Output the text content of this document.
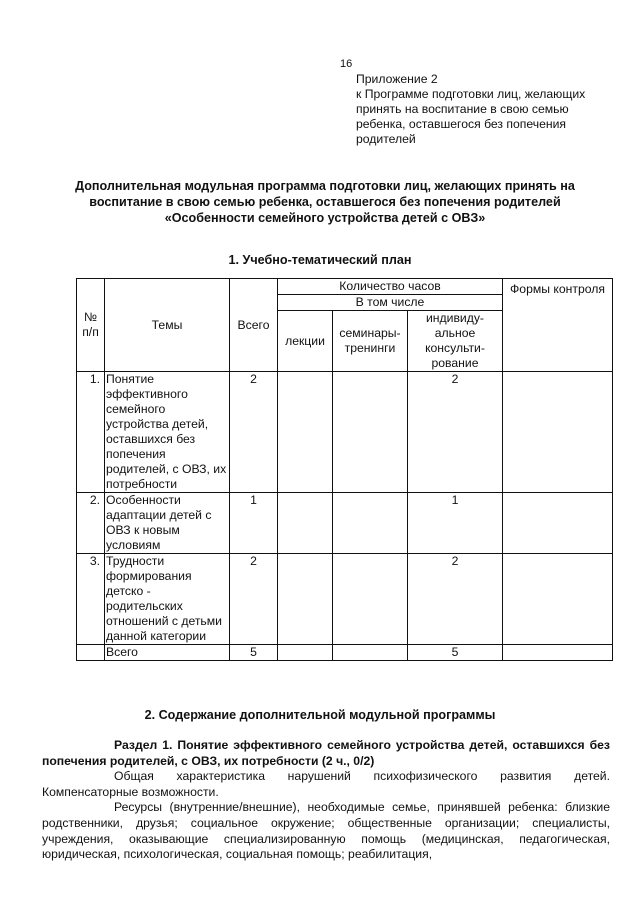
16
Приложение 2
к Программе подготовки лиц, желающих
принять на воспитание в свою семью
ребенка, оставшегося без попечения
родителей
Дополнительная модульная программа подготовки лиц, желающих принять на
воспитание в свою семью ребенка, оставшегося без попечения родителей
«Особенности семейного устройства детей с ОВЗ»
1. Учебно-тематический план
№ п/п	Темы	Всего	Количество часов			Формы контроля
			В том числе			
			лекции	семинары-тренинги	индивиду-альное консульти-рование	
1.	Понятие эффективного семейного устройства детей, оставшихся без попечения родителей, с ОВЗ, их потребности	2			2	
2.	Особенности адаптации детей с ОВЗ к новым условиям	1			1	
3.	Трудности формирования детско - родительских отношений с детьми данной категории	2			2	
	Всего	5			5	
2. Содержание дополнительной модульной программы

Раздел 1. Понятие эффективного семейного устройства детей, оставшихся без попечения родителей, с ОВЗ, их потребности (2 ч., 0/2)

Общая характеристика нарушений психофизического развития детей. Компенсаторные возможности.

Ресурсы (внутренние/внешние), необходимые семье, принявшей ребенка: близкие родственники, друзья; социальное окружение; общественные организации; специалисты, учреждения, оказывающие специализированную помощь (медицинская, педагогическая, юридическая, психологическая, социальная помощь; реабилитация,
